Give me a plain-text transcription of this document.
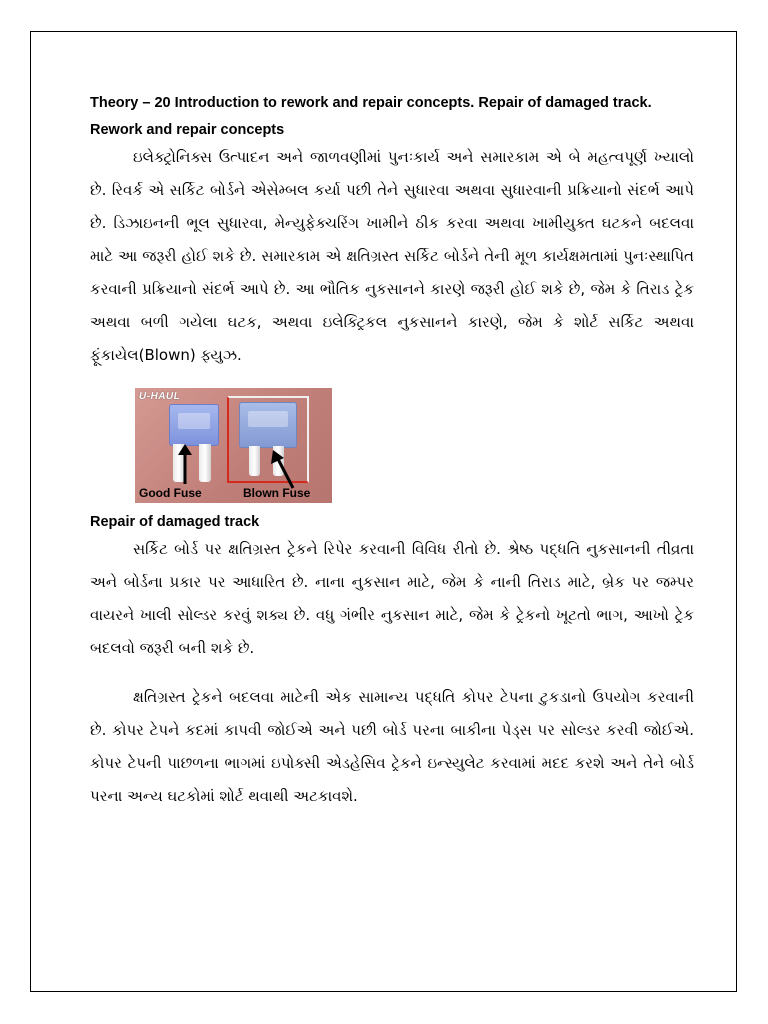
Theory – 20 Introduction to rework and repair concepts. Repair of damaged track.
Rework and repair concepts

ઇલેક્ટ્રોનિક્સ ઉત્પાદન અને જાળવણીમાં પુનઃકાર્ય અને સમારકામ એ બે મહત્વપૂર્ણ ખ્યાલો છે. રિવર્ક એ સર્કિટ બોર્ડને એસેમ્બલ કર્યા પછી તેને સુધારવા અથવા સુધારવાની પ્રક્રિયાનો સંદર્ભ આપે છે. ડિઝાઇનની ભૂલ સુધારવા, મેન્યુફેક્ચરિંગ ખામીને ઠીક કરવા અથવા ખામીયુક્ત ઘટકને બદલવા માટે આ જરૂરી હોઈ શકે છે. સમારકામ એ ક્ષતિગ્રસ્ત સર્કિટ બોર્ડને તેની મૂળ કાર્યક્ષમતામાં પુનઃસ્થાપિત કરવાની પ્રક્રિયાનો સંદર્ભ આપે છે. આ ભૌતિક નુકસાનને કારણે જરૂરી હોઈ શકે છે, જેમ કે તિરાડ ટ્રેક અથવા બળી ગયેલા ઘટક, અથવા ઇલેક્ટ્રિકલ નુકસાનને કારણે, જેમ કે શોર્ટ સર્કિટ અથવા ફૂંકાયેલ(Blown) ફ્યુઝ.

U-HAUL
Good Fuse	Blown Fuse
Repair of damaged track

સર્કિટ બોર્ડ પર ક્ષતિગ્રસ્ત ટ્રેકને રિપેર કરવાની વિવિધ રીતો છે. શ્રેષ્ઠ પદ્ધતિ નુકસાનની તીવ્રતા અને બોર્ડના પ્રકાર પર આધારિત છે. નાના નુકસાન માટે, જેમ કે નાની તિરાડ માટે, બ્રેક પર જમ્પર વાયરને ખાલી સોલ્ડર કરવું શક્ય છે. વધુ ગંભીર નુકસાન માટે, જેમ કે ટ્રેકનો ખૂટતો ભાગ, આખો ટ્રેક બદલવો જરૂરી બની શકે છે.

ક્ષતિગ્રસ્ત ટ્રેકને બદલવા માટેની એક સામાન્ય પદ્ધતિ કોપર ટેપના ટુકડાનો ઉપયોગ કરવાની છે. કોપર ટેપને કદમાં કાપવી જોઈએ અને પછી બોર્ડ પરના બાકીના પેડ્સ પર સોલ્ડર કરવી જોઈએ. કોપર ટેપની પાછળના ભાગમાં ઇપોક્સી એડહેસિવ ટ્રેકને ઇન્સ્યુલેટ કરવામાં મદદ કરશે અને તેને બોર્ડ પરના અન્ય ઘટકોમાં શોર્ટ થવાથી અટકાવશે.
